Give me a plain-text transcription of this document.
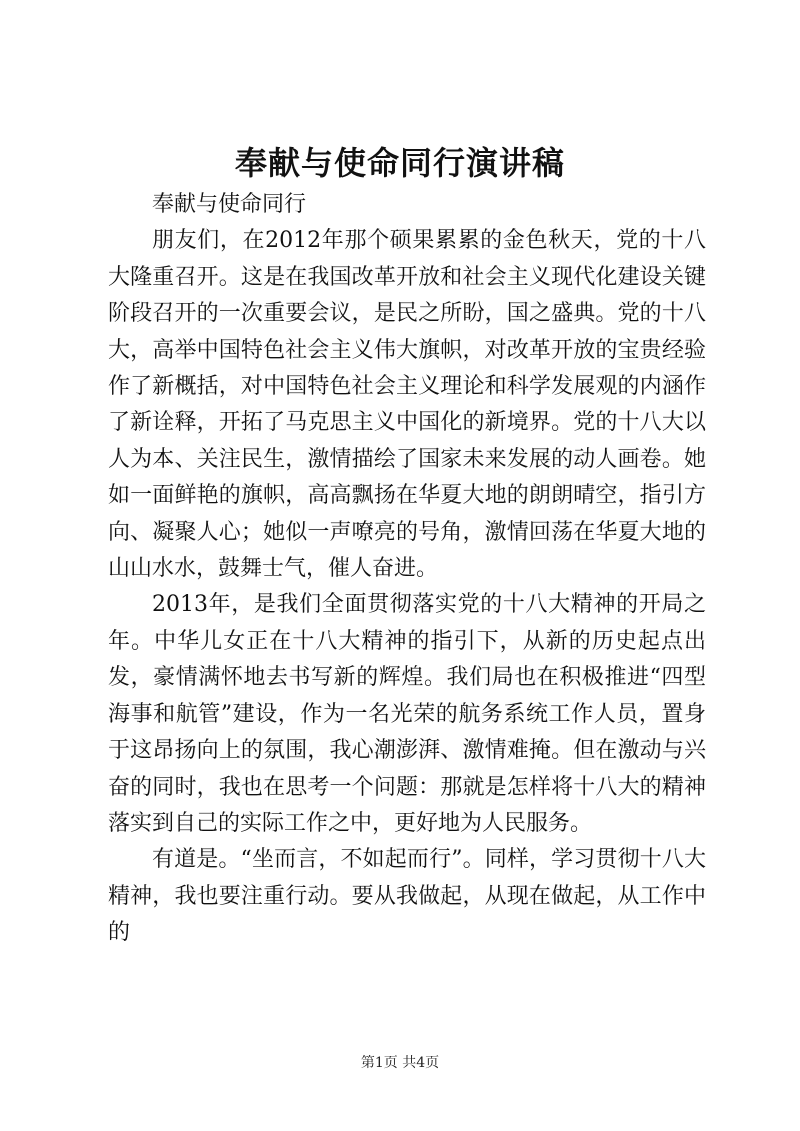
奉献与使命同行演讲稿

奉献与使命同行

朋友们，在2012年那个硕果累累的金色秋天，党的十八大隆重召开。这是在我国改革开放和社会主义现代化建设关键阶段召开的一次重要会议，是民之所盼，国之盛典。党的十八大，高举中国特色社会主义伟大旗帜，对改革开放的宝贵经验作了新概括，对中国特色社会主义理论和科学发展观的内涵作了新诠释，开拓了马克思主义中国化的新境界。党的十八大以人为本、关注民生，激情描绘了国家未来发展的动人画卷。她如一面鲜艳的旗帜，高高飘扬在华夏大地的朗朗晴空，指引方向、凝聚人心；她似一声嘹亮的号角，激情回荡在华夏大地的山山水水，鼓舞士气，催人奋进。

2013年，是我们全面贯彻落实党的十八大精神的开局之年。中华儿女正在十八大精神的指引下，从新的历史起点出发，豪情满怀地去书写新的辉煌。我们局也在积极推进“四型海事和航管”建设，作为一名光荣的航务系统工作人员，置身于这昂扬向上的氛围，我心潮澎湃、激情难掩。但在激动与兴奋的同时，我也在思考一个问题：那就是怎样将十八大的精神落实到自己的实际工作之中，更好地为人民服务。

有道是。“坐而言，不如起而行”。同样，学习贯彻十八大精神，我也要注重行动。要从我做起，从现在做起，从工作中的

第1页 共4页
